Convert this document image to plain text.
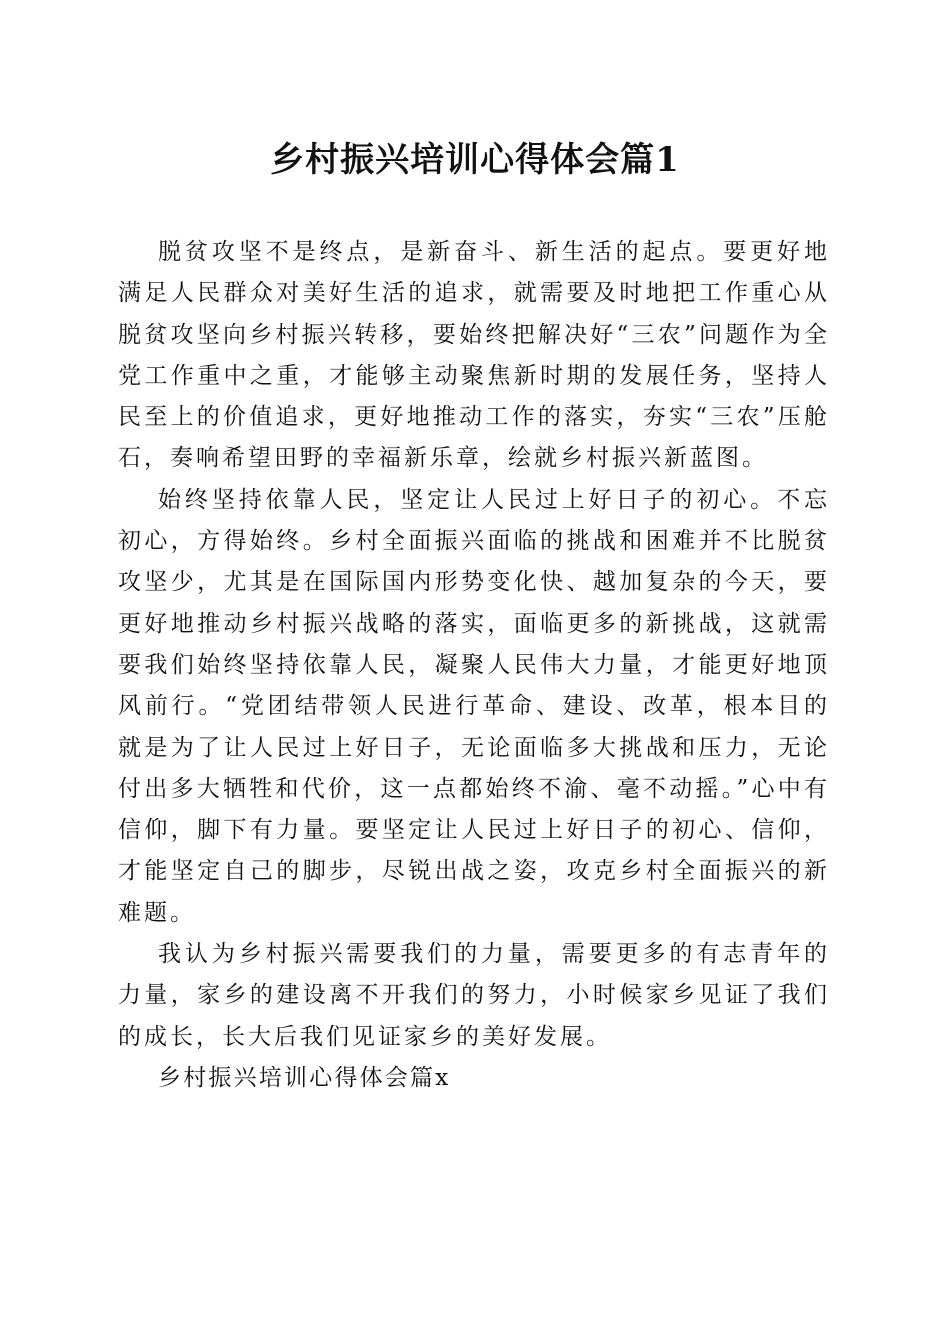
乡村振兴培训心得体会篇1

脱贫攻坚不是终点，是新奋斗、新生活的起点。要更好地满足人民群众对美好生活的追求，就需要及时地把工作重心从脱贫攻坚向乡村振兴转移，要始终把解决好“三农”问题作为全党工作重中之重，才能够主动聚焦新时期的发展任务，坚持人民至上的价值追求，更好地推动工作的落实，夯实“三农”压舱石，奏响希望田野的幸福新乐章，绘就乡村振兴新蓝图。

始终坚持依靠人民，坚定让人民过上好日子的初心。不忘初心，方得始终。乡村全面振兴面临的挑战和困难并不比脱贫攻坚少，尤其是在国际国内形势变化快、越加复杂的今天，要更好地推动乡村振兴战略的落实，面临更多的新挑战，这就需要我们始终坚持依靠人民，凝聚人民伟大力量，才能更好地顶风前行。“党团结带领人民进行革命、建设、改革，根本目的就是为了让人民过上好日子，无论面临多大挑战和压力，无论付出多大牺牲和代价，这一点都始终不渝、毫不动摇。”心中有信仰，脚下有力量。要坚定让人民过上好日子的初心、信仰，才能坚定自己的脚步，尽锐出战之姿，攻克乡村全面振兴的新难题。

我认为乡村振兴需要我们的力量，需要更多的有志青年的力量，家乡的建设离不开我们的努力，小时候家乡见证了我们的成长，长大后我们见证家乡的美好发展。

乡村振兴培训心得体会篇x
